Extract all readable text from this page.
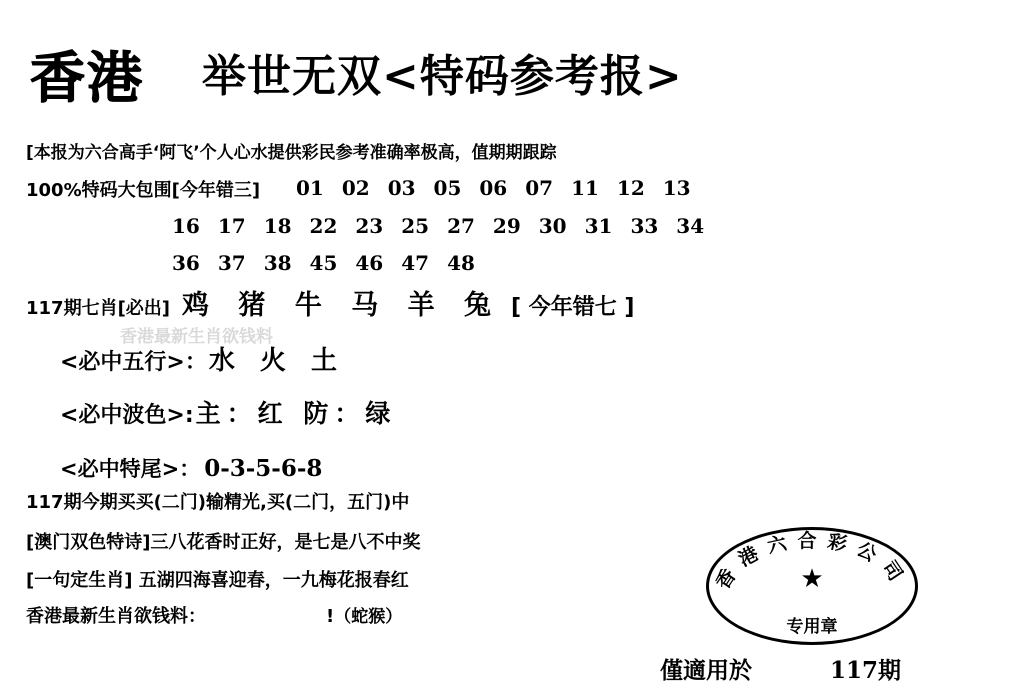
香港 举世无双<特码参考报>
[本报为六合高手‘阿飞’个人心水提供彩民参考准确率极高，值期期跟踪
100%特码大包围[今年错三] 01 02 03 05 06 07 11 12 13
16 17 18 22 23 25 27 29 30 31 33 34
36 37 38 45 46 47 48
117期七肖[必出] 鸡 猪 牛 马 羊 兔 [ 今年错七 ]
香港最新生肖欲钱料
<必中五行>：水 火 土
<必中波色>:主：红 防：绿
<必中特尾>： 0-3-5-6-8
117期今期买买(二门)输精光,买(二门，五门)中
[澳门双色特诗]三八花香时正好，是七是八不中奖
[一句定生肖] 五湖四海喜迎春，一九梅花报春红
香港最新生肖欲钱料：	!（蛇猴）
香港六合彩公司
★
专用章
僅適用於	117期
